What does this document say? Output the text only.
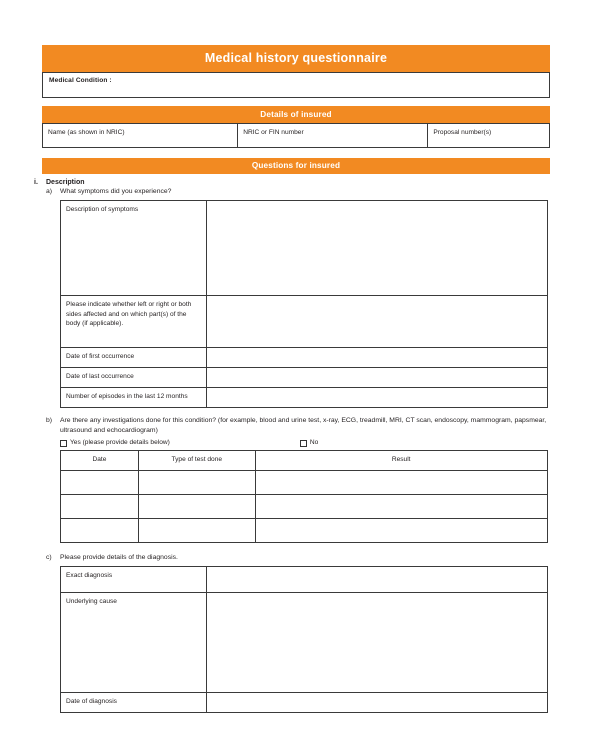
Medical history questionnaire
Medical Condition :
Details of insured
Name (as shown in NRIC)	NRIC or FIN number	Proposal number(s)
Questions for insured
i. Description
a) What symptoms did you experience?
Description of symptoms	
Please indicate whether left or right or both sides affected and on which part(s) of the body (if applicable).	
Date of first occurrence	
Date of last occurrence	
Number of episodes in the last 12 months	
b) Are there any investigations done for this condition? (for example, blood and urine test, x-ray, ECG, treadmill, MRI, CT scan, endoscopy, mammogram, papsmear, ultrasound and echocardiogram)
Yes (please provide details below)	No
Date	Type of test done	Result

c) Please provide details of the diagnosis.
Exact diagnosis	
Underlying cause	
Date of diagnosis	
